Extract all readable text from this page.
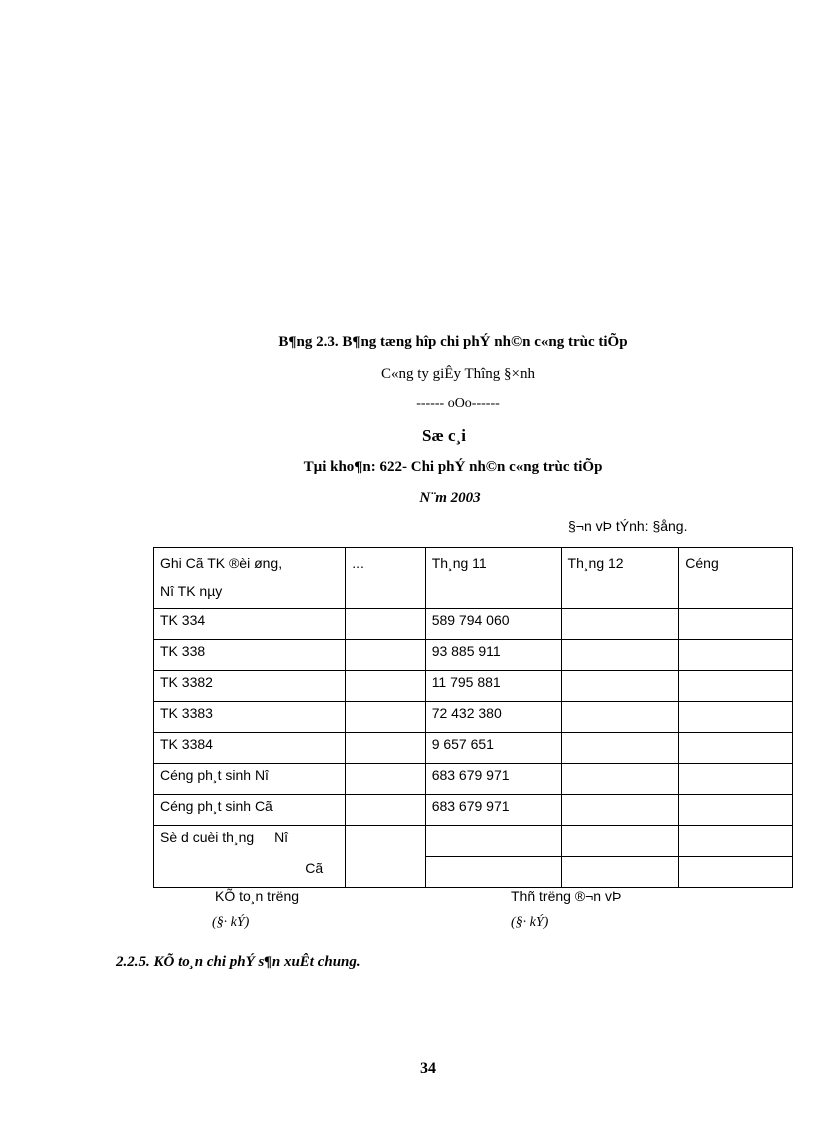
B¶ng 2.3. B¶ng tæng hîp chi phÝ nh©n c«ng trùc tiÕp
C«ng ty giÊy Thîng §×nh
------ oOo------
Sæ c¸i
Tµi kho¶n: 622- Chi phÝ nh©n c«ng trùc tiÕp
N¨m 2003
§¬n vÞ tÝnh: §ång.
Ghi Cã TK ®èi øng,
Nî TK nµy	...	Th¸ng 11	Th¸ng 12	Céng
TK 334		589 794 060		
TK 338		93 885 911		
TK 3382		11 795 881		
TK 3383		72 432 380		
TK 3384		9 657 651		
Céng ph¸t sinh Nî		683 679 971		
Céng ph¸t sinh Cã		683 679 971		
Sè d cuèi th¸ng Nî				
Cã				
KÕ to¸n trëng
(§· kÝ)
Thñ trëng ®¬n vÞ
(§· kÝ)
2.2.5. KÕ to¸n chi phÝ s¶n xuÊt chung.
34
